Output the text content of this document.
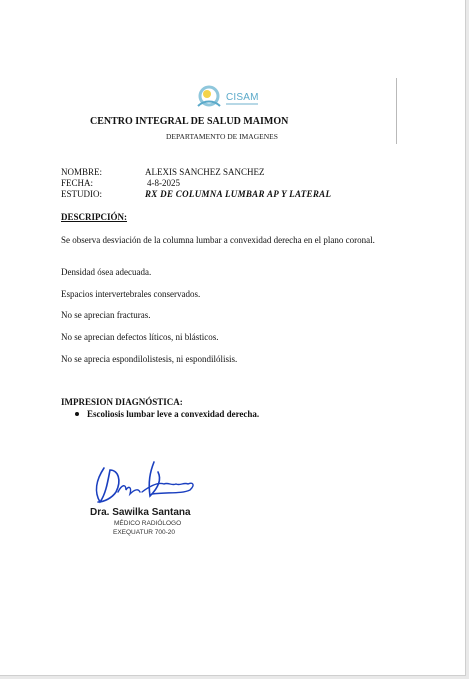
CISAM
CENTRO INTEGRAL DE SALUD MAIMON
DEPARTAMENTO DE IMAGENES
NOMBRE:	ALEXIS SANCHEZ SANCHEZ
FECHA:	4-8-2025
ESTUDIO:	RX DE COLUMNA LUMBAR AP Y LATERAL
DESCRIPCIÓN:
Se observa desviación de la columna lumbar a convexidad derecha en el plano coronal.
Densidad ósea adecuada.
Espacios intervertebrales conservados.
No se aprecian fracturas.
No se aprecian defectos líticos, ni blásticos.
No se aprecia espondilolistesis, ni espondilólisis.
IMPRESION DIAGNÓSTICA:
Escoliosis lumbar leve a convexidad derecha.
Dra. Sawilka Santana
MÉDICO RADIÓLOGO
EXEQUATUR 700-20
